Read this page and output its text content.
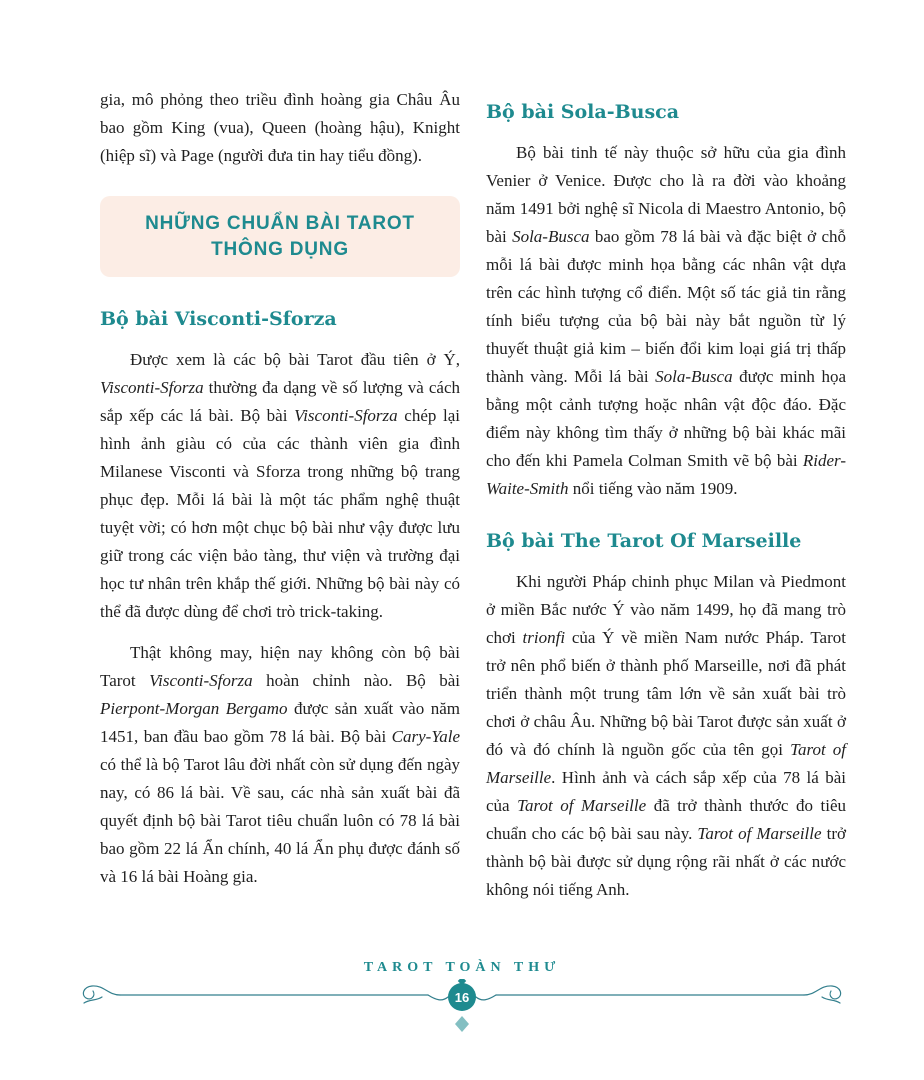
gia, mô phỏng theo triều đình hoàng gia Châu Âu bao gồm King (vua), Queen (hoàng hậu), Knight (hiệp sĩ) và Page (người đưa tin hay tiểu đồng).

NHỮNG CHUẨN BÀI TAROT
THÔNG DỤNG
Bộ bài Visconti-Sforza

Được xem là các bộ bài Tarot đầu tiên ở Ý, Visconti-Sforza thường đa dạng về số lượng và cách sắp xếp các lá bài. Bộ bài Visconti-Sforza chép lại hình ảnh giàu có của các thành viên gia đình Milanese Visconti và Sforza trong những bộ trang phục đẹp. Mỗi lá bài là một tác phẩm nghệ thuật tuyệt vời; có hơn một chục bộ bài như vậy được lưu giữ trong các viện bảo tàng, thư viện và trường đại học tư nhân trên khắp thế giới. Những bộ bài này có thể đã được dùng để chơi trò trick-taking.

Thật không may, hiện nay không còn bộ bài Tarot Visconti-Sforza hoàn chỉnh nào. Bộ bài Pierpont-Morgan Bergamo được sản xuất vào năm 1451, ban đầu bao gồm 78 lá bài. Bộ bài Cary-Yale có thể là bộ Tarot lâu đời nhất còn sử dụng đến ngày nay, có 86 lá bài. Về sau, các nhà sản xuất bài đã quyết định bộ bài Tarot tiêu chuẩn luôn có 78 lá bài bao gồm 22 lá Ẩn chính, 40 lá Ẩn phụ được đánh số và 16 lá bài Hoàng gia.

Bộ bài Sola-Busca

Bộ bài tinh tế này thuộc sở hữu của gia đình Venier ở Venice. Được cho là ra đời vào khoảng năm 1491 bởi nghệ sĩ Nicola di Maestro Antonio, bộ bài Sola-Busca bao gồm 78 lá bài và đặc biệt ở chỗ mỗi lá bài được minh họa bằng các nhân vật dựa trên các hình tượng cổ điển. Một số tác giả tin rằng tính biểu tượng của bộ bài này bắt nguồn từ lý thuyết thuật giả kim – biến đổi kim loại giá trị thấp thành vàng. Mỗi lá bài Sola-Busca được minh họa bằng một cảnh tượng hoặc nhân vật độc đáo. Đặc điểm này không tìm thấy ở những bộ bài khác mãi cho đến khi Pamela Colman Smith vẽ bộ bài Rider-Waite-Smith nổi tiếng vào năm 1909.

Bộ bài The Tarot Of Marseille

Khi người Pháp chinh phục Milan và Piedmont ở miền Bắc nước Ý vào năm 1499, họ đã mang trò chơi trionfi của Ý về miền Nam nước Pháp. Tarot trở nên phổ biến ở thành phố Marseille, nơi đã phát triển thành một trung tâm lớn về sản xuất bài trò chơi ở châu Âu. Những bộ bài Tarot được sản xuất ở đó và đó chính là nguồn gốc của tên gọi Tarot of Marseille. Hình ảnh và cách sắp xếp của 78 lá bài của Tarot of Marseille đã trở thành thước đo tiêu chuẩn cho các bộ bài sau này. Tarot of Marseille trở thành bộ bài được sử dụng rộng rãi nhất ở các nước không nói tiếng Anh.

TAROT TOÀN THƯ
16
